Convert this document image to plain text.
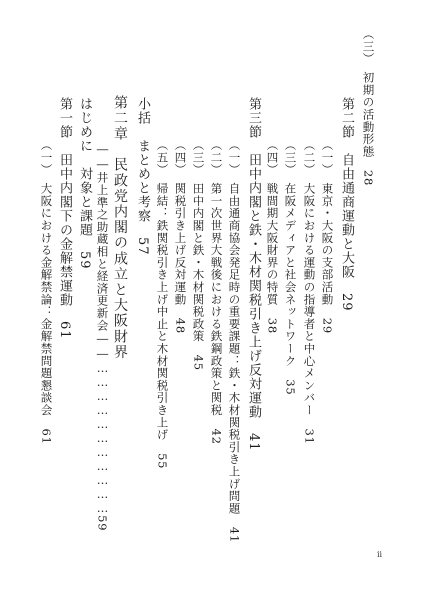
（三）　初期の活動形態　28
第二節　自由通商運動と大阪　29
（一）　東京・大阪の支部活動　29
（二）　大阪における運動の指導者と中心メンバー　31
（三）　在阪メディアと社会ネットワーク　35
（四）　戦間期大阪財界の特質　38
第三節　田中内閣と鉄・木材関税引き上げ反対運動　41
（一）　自由通商協会発足時の重要課題：鉄・木材関税引き上げ問題　41
（二）　第一次世界大戦後における鉄鋼政策と関税　42
（三）　田中内閣と鉄・木材関税政策　45
（四）　関税引き上げ反対運動　48
（五）　帰結：鉄関税引き上げ中止と木材関税引き上げ　55
小括　まとめと考察　57
第二章　民政党内閣の成立と大阪財界
――井上準之助蔵相と経済更新会――……………………………59
はじめに　対象と課題　59
第一節　田中内閣下の金解禁運動　61
（一）　大阪における金解禁論：金解禁問題懇談会　61
ii
